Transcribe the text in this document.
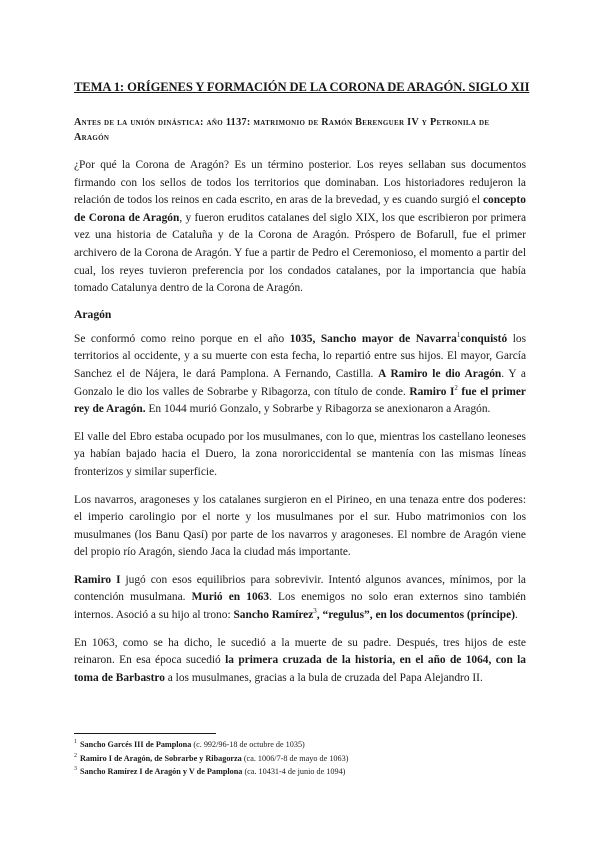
TEMA 1: ORÍGENES Y FORMACIÓN DE LA CORONA DE ARAGÓN. SIGLO XII
Antes de la unión dinástica: año 1137: matrimonio de Ramón Berenguer IV y Petronila de Aragón

¿Por qué la Corona de Aragón? Es un término posterior. Los reyes sellaban sus documentos firmando con los sellos de todos los territorios que dominaban. Los historiadores redujeron la relación de todos los reinos en cada escrito, en aras de la brevedad, y es cuando surgió el concepto de Corona de Aragón, y fueron eruditos catalanes del siglo XIX, los que escribieron por primera vez una historia de Cataluña y de la Corona de Aragón. Próspero de Bofarull, fue el primer archivero de la Corona de Aragón. Y fue a partir de Pedro el Ceremonioso, el momento a partir del cual, los reyes tuvieron preferencia por los condados catalanes, por la importancia que había tomado Catalunya dentro de la Corona de Aragón.

Aragón

Se conformó como reino porque en el año 1035, Sancho mayor de Navarra$^1$conquistó los territorios al occidente, y a su muerte con esta fecha, lo repartió entre sus hijos. El mayor, García Sanchez el de Nájera, le dará Pamplona. A Fernando, Castilla. A Ramiro le dio Aragón. Y a Gonzalo le dio los valles de Sobrarbe y Ribagorza, con título de conde. Ramiro $I^2$ fue el primer rey de Aragón. En 1044 murió Gonzalo, y Sobrarbe y Ribagorza se anexionaron a Aragón.

El valle del Ebro estaba ocupado por los musulmanes, con lo que, mientras los castellano leoneses ya habían bajado hacia el Duero, la zona nororiccidental se mantenía con las mismas líneas fronterizos y similar superficie.

Los navarros, aragoneses y los catalanes surgieron en el Pirineo, en una tenaza entre dos poderes: el imperio carolingio por el norte y los musulmanes por el sur. Hubo matrimonios con los musulmanes (los Banu Qasí) por parte de los navarros y aragoneses. El nombre de Aragón viene del propio río Aragón, siendo Jaca la ciudad más importante.

Ramiro I jugó con esos equilibrios para sobrevivir. Intentó algunos avances, mínimos, por la contención musulmana. Murió en 1063. Los enemigos no solo eran externos sino también internos. Asoció a su hijo al trono: Sancho Ramírez$^3$, “regulus”, en los documentos (príncipe).

En 1063, como se ha dicho, le sucedió a la muerte de su padre. Después, tres hijos de este reinaron. En esa época sucedió la primera cruzada de la historia, en el año de 1064, con la toma de Barbastro a los musulmanes, gracias a la bula de cruzada del Papa Alejandro II.

$^1$ Sancho Garcés III de Pamplona (c. 992/96-18 de octubre de 1035)
$^2$ Ramiro I de Aragón, de Sobrarbe y Ribagorza (ca. 1006/7-8 de mayo de 1063)
$^3$ Sancho Ramírez I de Aragón y V de Pamplona (ca. 10431-4 de junio de 1094)
